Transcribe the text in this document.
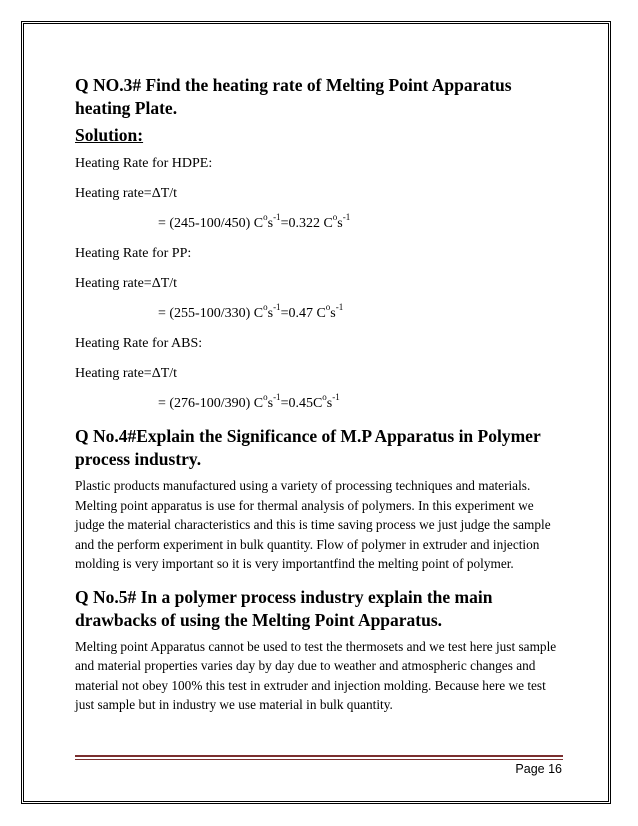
Q NO.3# Find the heating rate of Melting Point Apparatus heating Plate.
Solution:
Heating Rate for HDPE:
Heating rate=ΔT/t
= (245-100/450) $C^os^{-1}=0.322$ $C^os^{-1}$
Heating Rate for PP:
Heating rate=ΔT/t
= (255-100/330) $C^os^{-1}=0.47$ $C^os^{-1}$
Heating Rate for ABS:
Heating rate=ΔT/t
= (276-100/390) $C^os^{-1}=0.45C^os^{-1}$
Q No.4#Explain the Significance of M.P Apparatus in Polymer process industry.
Plastic products manufactured using a variety of processing techniques and materials. Melting point apparatus is use for thermal analysis of polymers. In this experiment we judge the material characteristics and this is time saving process we just judge the sample and the perform experiment in bulk quantity. Flow of polymer in extruder and injection molding is very important so it is very importantfind the melting point of polymer.
Q No.5# In a polymer process industry explain the main drawbacks of using the Melting Point Apparatus.
Melting point Apparatus cannot be used to test the thermosets and we test here just sample and material properties varies day by day due to weather and atmospheric changes and material not obey 100% this test in extruder and injection molding. Because here we test just sample but in industry we use material in bulk quantity.
Page 16
